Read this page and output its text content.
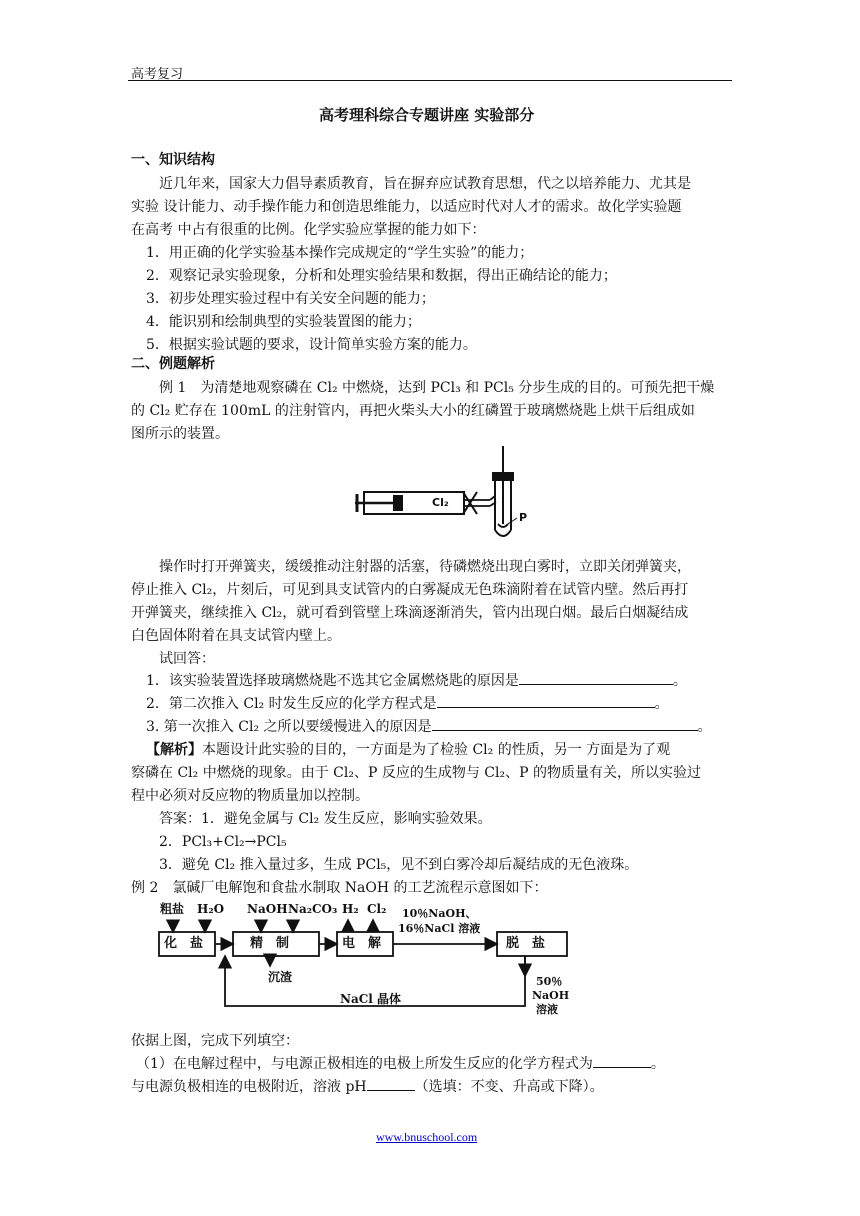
高考复习
高考理科综合专题讲座 实验部分
一、知识结构
近几年来，国家大力倡导素质教育，旨在摒弃应试教育思想，代之以培养能力、尤其是
实验 设计能力、动手操作能力和创造思维能力，以适应时代对人才的需求。故化学实验题
在高考 中占有很重的比例。化学实验应掌握的能力如下：
1．用正确的化学实验基本操作完成规定的“学生实验”的能力；
2．观察记录实验现象，分析和处理实验结果和数据，得出正确结论的能力；
3．初步处理实验过程中有关安全问题的能力；
4．能识别和绘制典型的实验装置图的能力；
5．根据实验试题的要求，设计简单实验方案的能力。
二、例题解析
例 1　为清楚地观察磷在 Cl₂ 中燃烧，达到 PCl₃ 和 PCl₅ 分步生成的目的。可预先把干燥
的 Cl₂ 贮存在 100mL 的注射管内，再把火柴头大小的红磷置于玻璃燃烧匙上烘干后组成如
图所示的装置。
Cl₂
P
操作时打开弹簧夹，缓缓推动注射器的活塞，待磷燃烧出现白雾时，立即关闭弹簧夹，
停止推入 Cl₂，片刻后，可见到具支试管内的白雾凝成无色珠滴附着在试管内壁。然后再打
开弹簧夹，继续推入 Cl₂，就可看到管壁上珠滴逐渐消失，管内出现白烟。最后白烟凝结成
白色固体附着在具支试管内壁上。
试回答：
1．该实验装置选择玻璃燃烧匙不选其它金属燃烧匙的原因是	。
2．第二次推入 Cl₂ 时发生反应的化学方程式是	。
3. 第一次推入 Cl₂ 之所以要缓慢进入的原因是	。
【解析】本题设计此实验的目的，一方面是为了检验 Cl₂ 的性质，另一 方面是为了观
察磷在 Cl₂ 中燃烧的现象。由于 Cl₂、P 反应的生成物与 Cl₂、P 的物质量有关，所以实验过
程中必须对反应物的物质量加以控制。
答案：1．避免金属与 Cl₂ 发生反应，影响实验效果。
2．PCl₃+Cl₂→PCl₅
3．避免 Cl₂ 推入量过多，生成 PCl₅，见不到白雾冷却后凝结成的无色液珠。
例 2　氯碱厂电解饱和食盐水制取 NaOH 的工艺流程示意图如下：
粗盐 H₂O NaOH Na₂CO₃ H₂ Cl₂ 10％NaOH、
16％NaCl 溶液
化　盐	精　制	电　解	脱　盐
沉渣
NaCl 晶体
50％
NaOH
溶液
依据上图，完成下列填空：
（1）在电解过程中，与电源正极相连的电极上所发生反应的化学方程式为	。
与电源负极相连的电极附近，溶液 pH	（选填：不变、升高或下降）。
www.bnuschool.com
